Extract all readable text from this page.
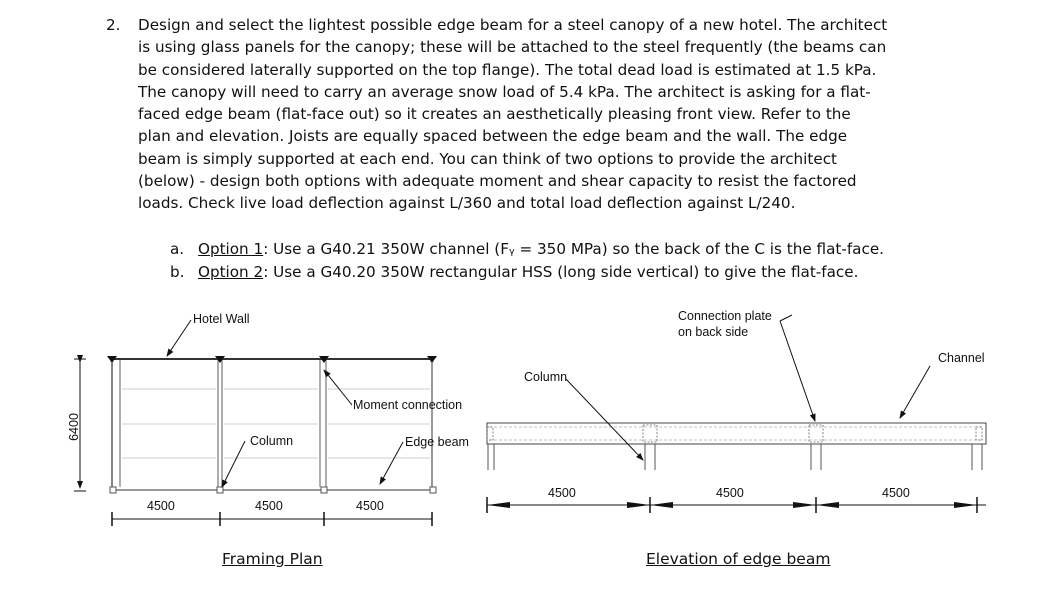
2. Design and select the lightest possible edge beam for a steel canopy of a new hotel. The architect is using glass panels for the canopy; these will be attached to the steel frequently (the beams can be considered laterally supported on the top flange). The total dead load is estimated at 1.5 kPa. The canopy will need to carry an average snow load of 5.4 kPa. The architect is asking for a flat-faced edge beam (flat-face out) so it creates an aesthetically pleasing front view. Refer to the plan and elevation. Joists are equally spaced between the edge beam and the wall. The edge beam is simply supported at each end. You can think of two options to provide the architect (below) - design both options with adequate moment and shear capacity to resist the factored loads. Check live load deflection against L/360 and total load deflection against L/240.
a. Option 1: Use a G40.21 350W channel (Fᵧ = 350 MPa) so the back of the C is the flat-face.
b. Option 2: Use a G40.20 350W rectangular HSS (long side vertical) to give the flat-face.
Hotel Wall
Column
Moment connection
Edge beam
6400
4500	4500	4500
Framing Plan
Column
Connection plate
on back side
Channel
4500	4500	4500
Elevation of edge beam
